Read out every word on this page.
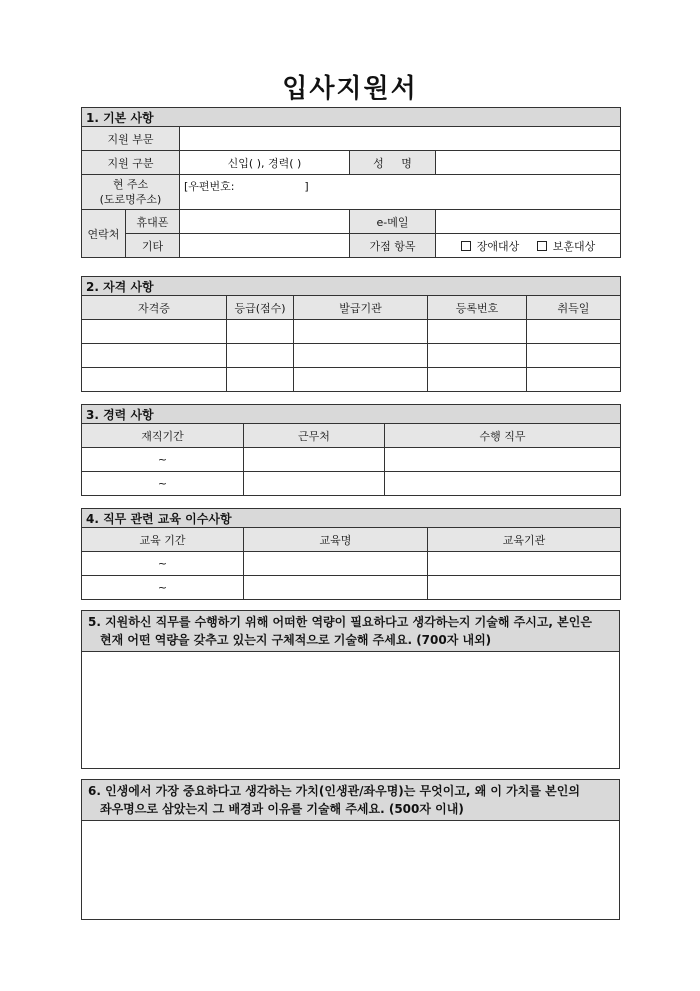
입사지원서
1. 기본 사항				
지원 부문				
지원 구분		신입( ), 경력( )	성     명	
현 주소
(도로명주소)		[우편번호:                    ]		
연락처	휴대폰		e-메일	
	기타		가점 항목	장애대상 보훈대상
2. 자격 사항				
자격증	등급(점수)	발급기관	등록번호	취득일

3. 경력 사항		
재직기간	근무처	수행 직무
~		
~		
4. 직무 관련 교육 이수사항		
교육 기간	교육명	교육기관
~		
~		
5. 지원하신 직무를 수행하기 위해 어떠한 역량이 필요하다고 생각하는지 기술해 주시고, 본인은
현재 어떤 역량을 갖추고 있는지 구체적으로 기술해 주세요. (700자 내외)

6. 인생에서 가장 중요하다고 생각하는 가치(인생관/좌우명)는 무엇이고, 왜 이 가치를 본인의
좌우명으로 삼았는지 그 배경과 이유를 기술해 주세요. (500자 이내)
